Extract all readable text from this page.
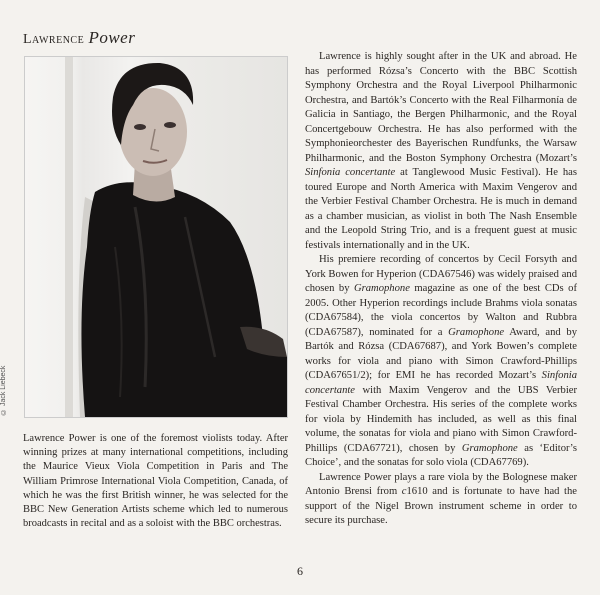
Lawrence Power
© Jack Liebeck

Lawrence Power is one of the foremost violists today. After winning prizes at many international competitions, including the Maurice Vieux Viola Competition in Paris and The William Primrose International Viola Competition, Canada, of which he was the first British winner, he was selected for the BBC New Generation Artists scheme which led to numerous broadcasts in recital and as a soloist with the BBC orchestras.

Lawrence is highly sought after in the UK and abroad. He has performed Rózsa’s Concerto with the BBC Scottish Symphony Orchestra and the Royal Liverpool Philharmonic Orchestra, and Bartók’s Concerto with the Real Filharmonía de Galicia in Santiago, the Bergen Philharmonic, and the Royal Concertgebouw Orchestra. He has also performed with the Symphonieorchester des Bayerischen Rundfunks, the Warsaw Philharmonic, and the Boston Symphony Orchestra (Mozart’s Sinfonia concertante at Tanglewood Music Festival). He has toured Europe and North America with Maxim Vengerov and the Verbier Festival Chamber Orchestra. He is much in demand as a chamber musician, as violist in both The Nash Ensemble and the Leopold String Trio, and is a frequent guest at music festivals internationally and in the UK.

His premiere recording of concertos by Cecil Forsyth and York Bowen for Hyperion (CDA67546) was widely praised and chosen by Gramophone magazine as one of the best CDs of 2005. Other Hyperion recordings include Brahms viola sonatas (CDA67584), the viola concertos by Walton and Rubbra (CDA67587), nominated for a Gramophone Award, and by Bartók and Rózsa (CDA67687), and York Bowen’s complete works for viola and piano with Simon Crawford-Phillips (CDA67651/2); for EMI he has recorded Mozart’s Sinfonia concertante with Maxim Vengerov and the UBS Verbier Festival Chamber Orchestra. His series of the complete works for viola by Hindemith has included, as well as this final volume, the sonatas for viola and piano with Simon Crawford-Phillips (CDA67721), chosen by Gramophone as ‘Editor’s Choice’, and the sonatas for solo viola (CDA67769).

Lawrence Power plays a rare viola by the Bolognese maker Antonio Brensi from c1610 and is fortunate to have had the support of the Nigel Brown instrument scheme in order to secure its purchase.

6
